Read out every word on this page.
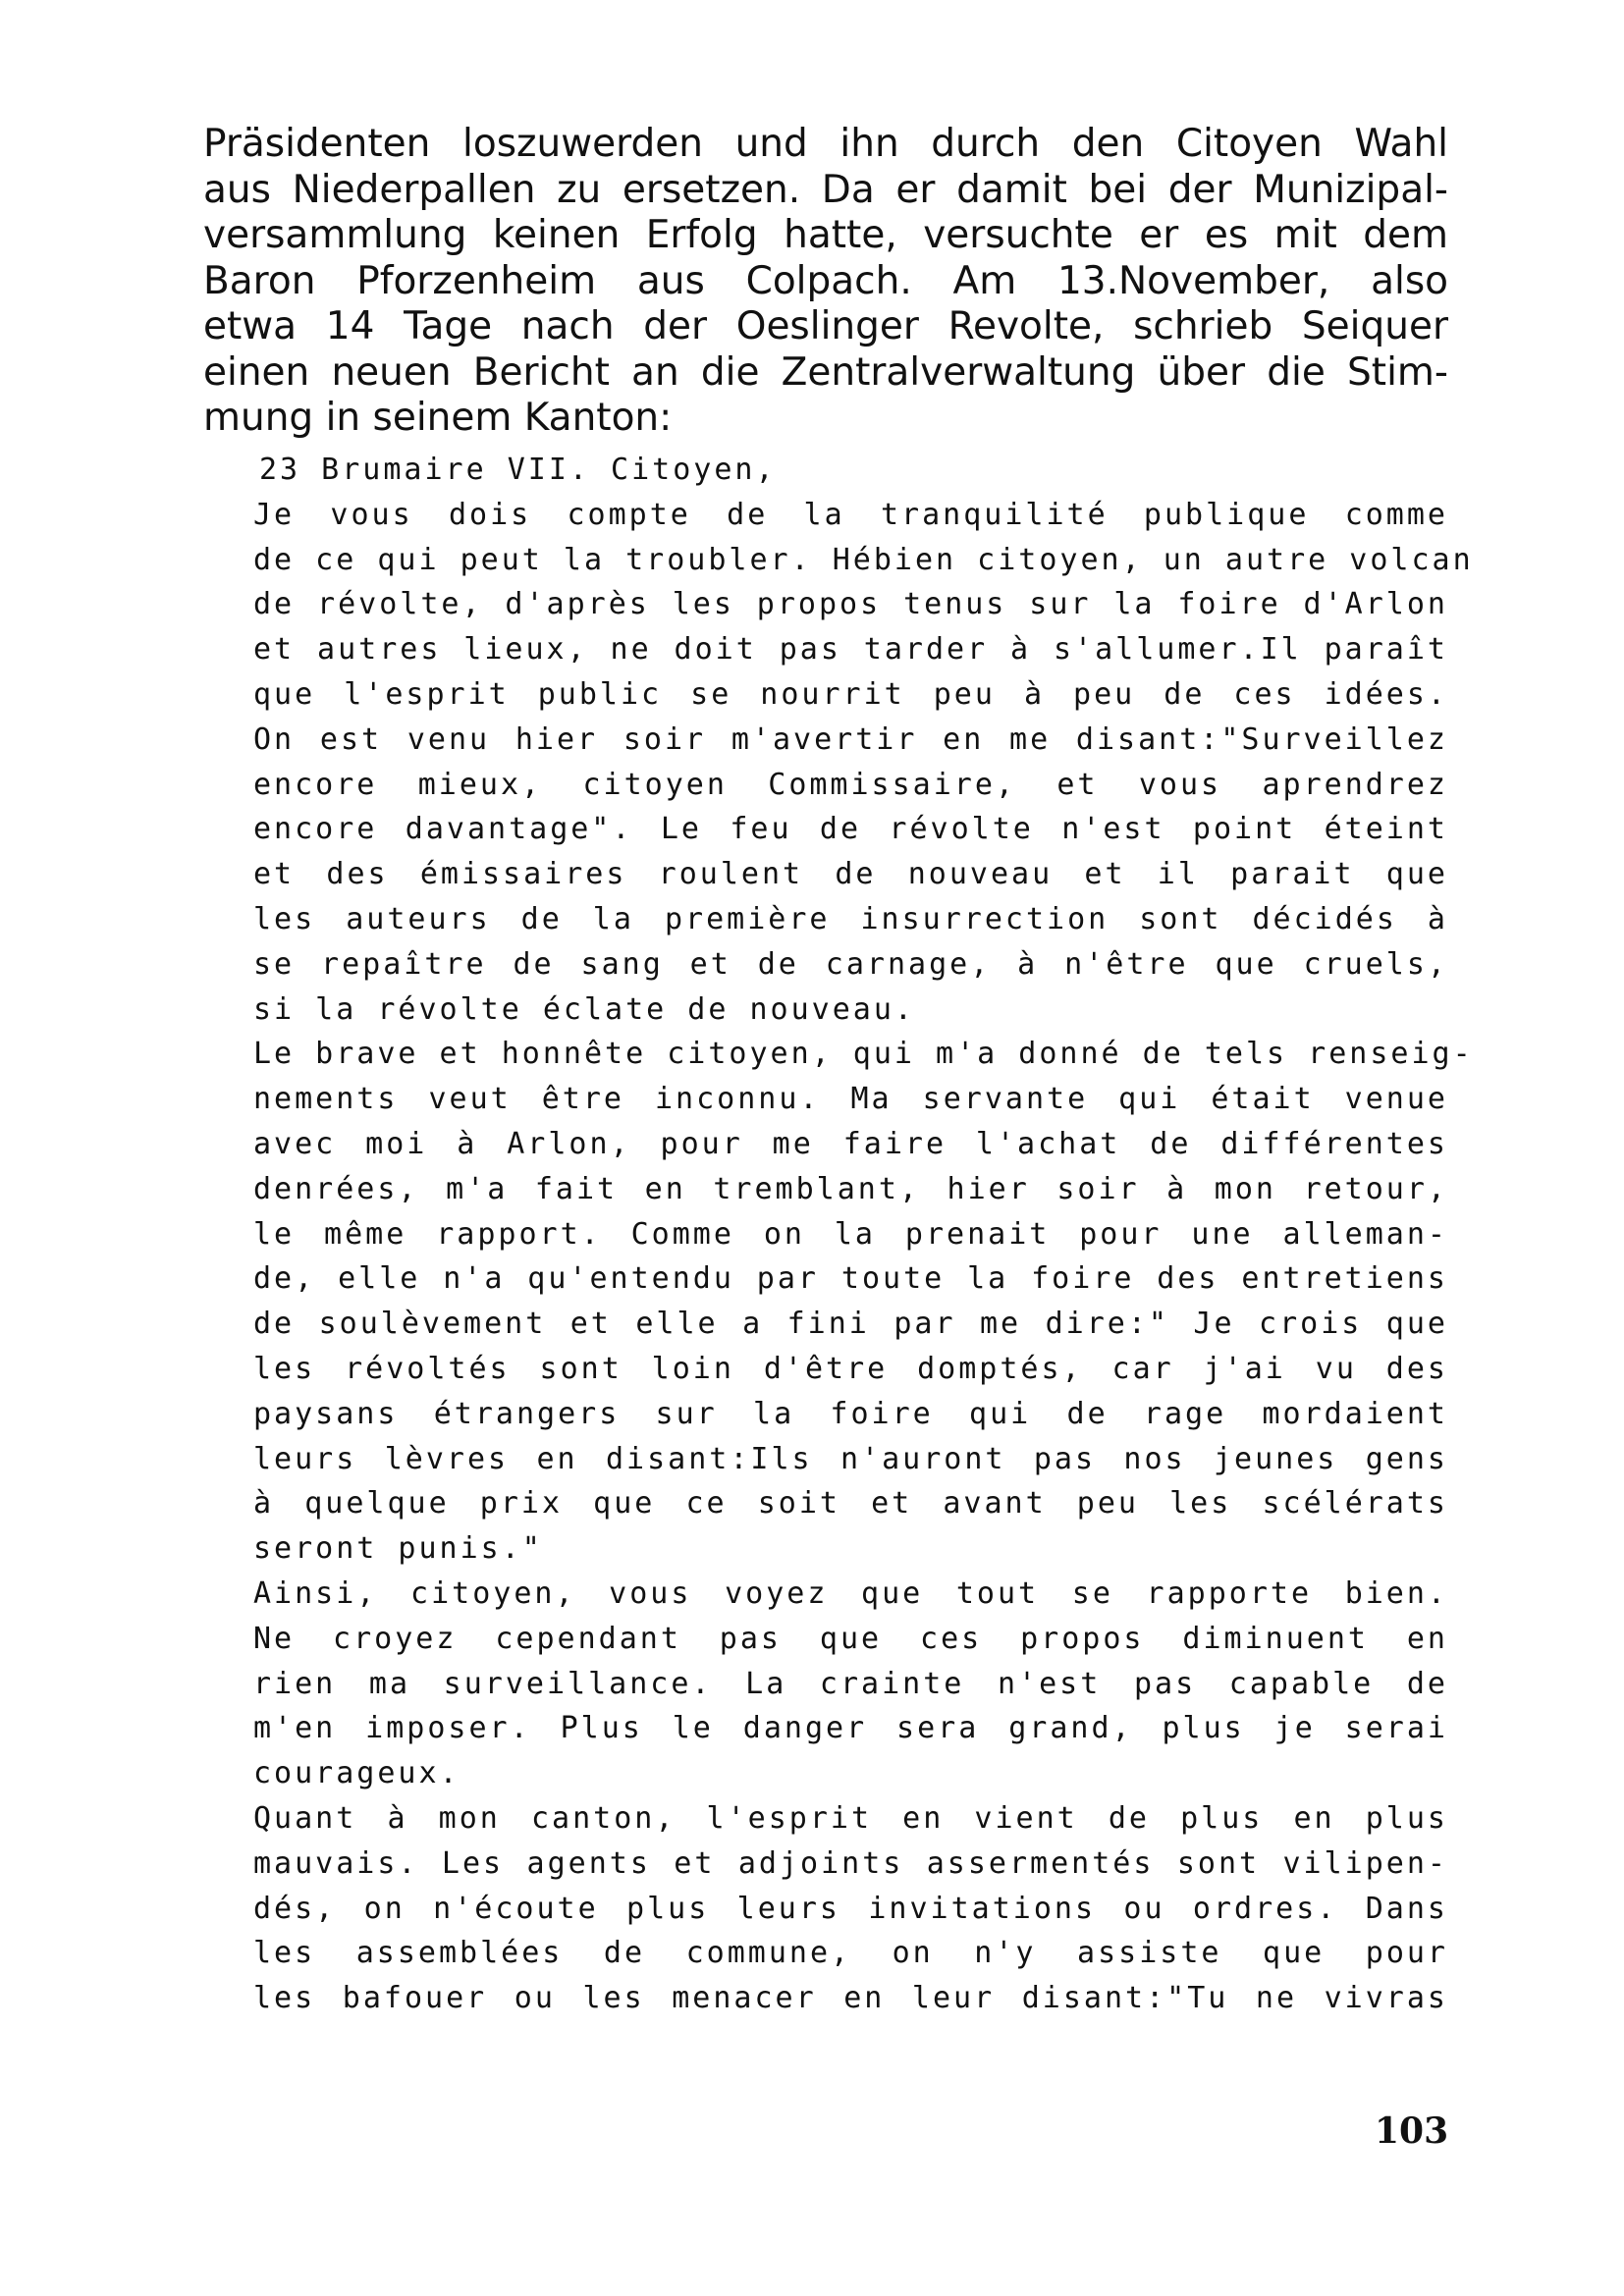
Präsidenten loszuwerden und ihn durch den Citoyen Wahl
aus Niederpallen zu ersetzen. Da er damit bei der Munizipal-
versammlung keinen Erfolg hatte, versuchte er es mit dem
Baron Pforzenheim aus Colpach. Am 13.November, also
etwa 14 Tage nach der Oeslinger Revolte, schrieb Seiquer
einen neuen Bericht an die Zentralverwaltung über die Stim-
mung in seinem Kanton:
23 Brumaire VII. Citoyen,
Je vous dois compte de la tranquilité publique comme
de ce qui peut la troubler. Hébien citoyen, un autre volcan
de révolte, d'après les propos tenus sur la foire d'Arlon
et autres lieux, ne doit pas tarder à s'allumer.Il paraît
que l'esprit public se nourrit peu à peu de ces idées.
On est venu hier soir m'avertir en me disant:"Surveillez
encore mieux, citoyen Commissaire, et vous aprendrez
encore davantage". Le feu de révolte n'est point éteint
et des émissaires roulent de nouveau et il parait que
les auteurs de la première insurrection sont décidés à
se repaître de sang et de carnage, à n'être que cruels,
si la révolte éclate de nouveau.
Le brave et honnête citoyen, qui m'a donné de tels renseig-
nements veut être inconnu. Ma servante qui était venue
avec moi à Arlon, pour me faire l'achat de différentes
denrées, m'a fait en tremblant, hier soir à mon retour,
le même rapport. Comme on la prenait pour une alleman-
de, elle n'a qu'entendu par toute la foire des entretiens
de soulèvement et elle a fini par me dire:" Je crois que
les révoltés sont loin d'être domptés, car j'ai vu des
paysans étrangers sur la foire qui de rage mordaient
leurs lèvres en disant:Ils n'auront pas nos jeunes gens
à quelque prix que ce soit et avant peu les scélérats
seront punis."
Ainsi, citoyen, vous voyez que tout se rapporte bien.
Ne croyez cependant pas que ces propos diminuent en
rien ma surveillance. La crainte n'est pas capable de
m'en imposer. Plus le danger sera grand, plus je serai
courageux.
Quant à mon canton, l'esprit en vient de plus en plus
mauvais. Les agents et adjoints assermentés sont vilipen-
dés, on n'écoute plus leurs invitations ou ordres. Dans
les assemblées de commune, on n'y assiste que pour
les bafouer ou les menacer en leur disant:"Tu ne vivras
103
